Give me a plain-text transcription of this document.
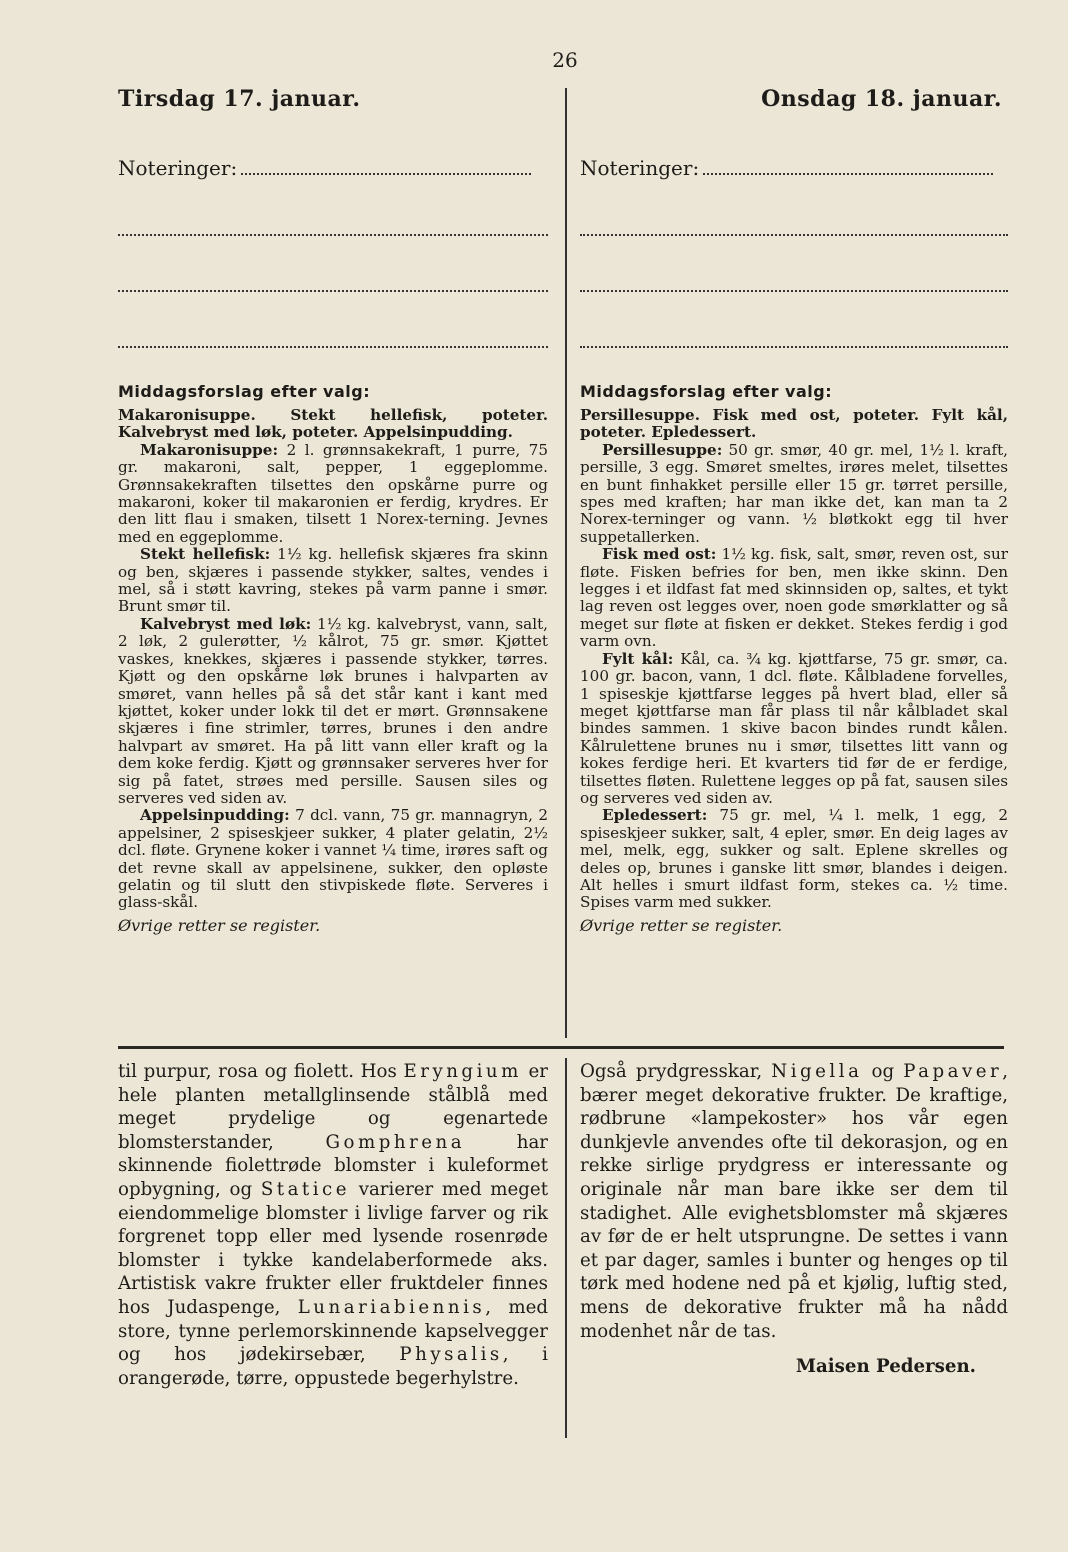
26
Tirsdag 17. januar.
Noteringer:
Middagsforslag efter valg:

Makaronisuppe. Stekt hellefisk, poteter. Kalvebryst med løk, poteter. Appelsinpudding.

Makaronisuppe: 2 l. grønnsakekraft, 1 purre, 75 gr. makaroni, salt, pepper, 1 eggeplomme. Grønnsakekraften tilsettes den opskårne purre og makaroni, koker til makaronien er ferdig, krydres. Er den litt flau i smaken, tilsett 1 Norex-terning. Jevnes med en eggeplomme.

Stekt hellefisk: 1½ kg. hellefisk skjæres fra skinn og ben, skjæres i passende stykker, saltes, vendes i mel, så i støtt kavring, stekes på varm panne i smør. Brunt smør til.

Kalvebryst med løk: 1½ kg. kalvebryst, vann, salt, 2 løk, 2 gulerøtter, ½ kålrot, 75 gr. smør. Kjøttet vaskes, knekkes, skjæres i passende stykker, tørres. Kjøtt og den opskårne løk brunes i halvparten av smøret, vann helles på så det står kant i kant med kjøttet, koker under lokk til det er mørt. Grønnsakene skjæres i fine strimler, tørres, brunes i den andre halvpart av smøret. Ha på litt vann eller kraft og la dem koke ferdig. Kjøtt og grønnsaker serveres hver for sig på fatet, strøes med persille. Sausen siles og serveres ved siden av.

Appelsinpudding: 7 dcl. vann, 75 gr. mannagryn, 2 appelsiner, 2 spiseskjeer sukker, 4 plater gelatin, 2½ dcl. fløte. Grynene koker i vannet ¼ time, irøres saft og det revne skall av appelsinene, sukker, den opløste gelatin og til slutt den stivpiskede fløte. Serveres i glass-skål.

Øvrige retter se register.
Onsdag 18. januar.
Noteringer:
Middagsforslag efter valg:

Persillesuppe. Fisk med ost, poteter. Fylt kål, poteter. Epledessert.

Persillesuppe: 50 gr. smør, 40 gr. mel, 1½ l. kraft, persille, 3 egg. Smøret smeltes, irøres melet, tilsettes en bunt finhakket persille eller 15 gr. tørret persille, spes med kraften; har man ikke det, kan man ta 2 Norex-terninger og vann. ½ bløtkokt egg til hver suppetallerken.

Fisk med ost: 1½ kg. fisk, salt, smør, reven ost, sur fløte. Fisken befries for ben, men ikke skinn. Den legges i et ildfast fat med skinnsiden op, saltes, et tykt lag reven ost legges over, noen gode smørklatter og så meget sur fløte at fisken er dekket. Stekes ferdig i god varm ovn.

Fylt kål: Kål, ca. ¾ kg. kjøttfarse, 75 gr. smør, ca. 100 gr. bacon, vann, 1 dcl. fløte. Kålbladene forvelles, 1 spiseskje kjøttfarse legges på hvert blad, eller så meget kjøttfarse man får plass til når kålbladet skal bindes sammen. 1 skive bacon bindes rundt kålen. Kålrulettene brunes nu i smør, tilsettes litt vann og kokes ferdige heri. Et kvarters tid før de er ferdige, tilsettes fløten. Rulettene legges op på fat, sausen siles og serveres ved siden av.

Epledessert: 75 gr. mel, ¼ l. melk, 1 egg, 2 spiseskjeer sukker, salt, 4 epler, smør. En deig lages av mel, melk, egg, sukker og salt. Eplene skrelles og deles op, brunes i ganske litt smør, blandes i deigen. Alt helles i smurt ildfast form, stekes ca. ½ time. Spises varm med sukker.

Øvrige retter se register.

til purpur, rosa og fiolett. Hos Eryngium er hele planten metallglinsende stålblå med meget prydelige og egenartede blomsterstander, Gomphrena har skinnende fiolettrøde blomster i kuleformet opbygning, og Statice varierer med meget eiendommelige blomster i livlige farver og rik forgrenet topp eller med lysende rosenrøde blomster i tykke kandelaberformede aks. Artistisk vakre frukter eller fruktdeler finnes hos Judaspenge, Lunariabiennis, med store, tynne perlemorskinnende kapselvegger og hos jødekirsebær, Physalis, i orangerøde, tørre, oppustede begerhylstre.

Også prydgresskar, Nigella og Papaver, bærer meget dekorative frukter. De kraftige, rødbrune «lampekoster» hos vår egen dunkjevle anvendes ofte til dekorasjon, og en rekke sirlige prydgress er interessante og originale når man bare ikke ser dem til stadighet. Alle evighetsblomster må skjæres av før de er helt utsprungne. De settes i vann et par dager, samles i bunter og henges op til tørk med hodene ned på et kjølig, luftig sted, mens de dekorative frukter må ha nådd modenhet når de tas.

Maisen Pedersen.
